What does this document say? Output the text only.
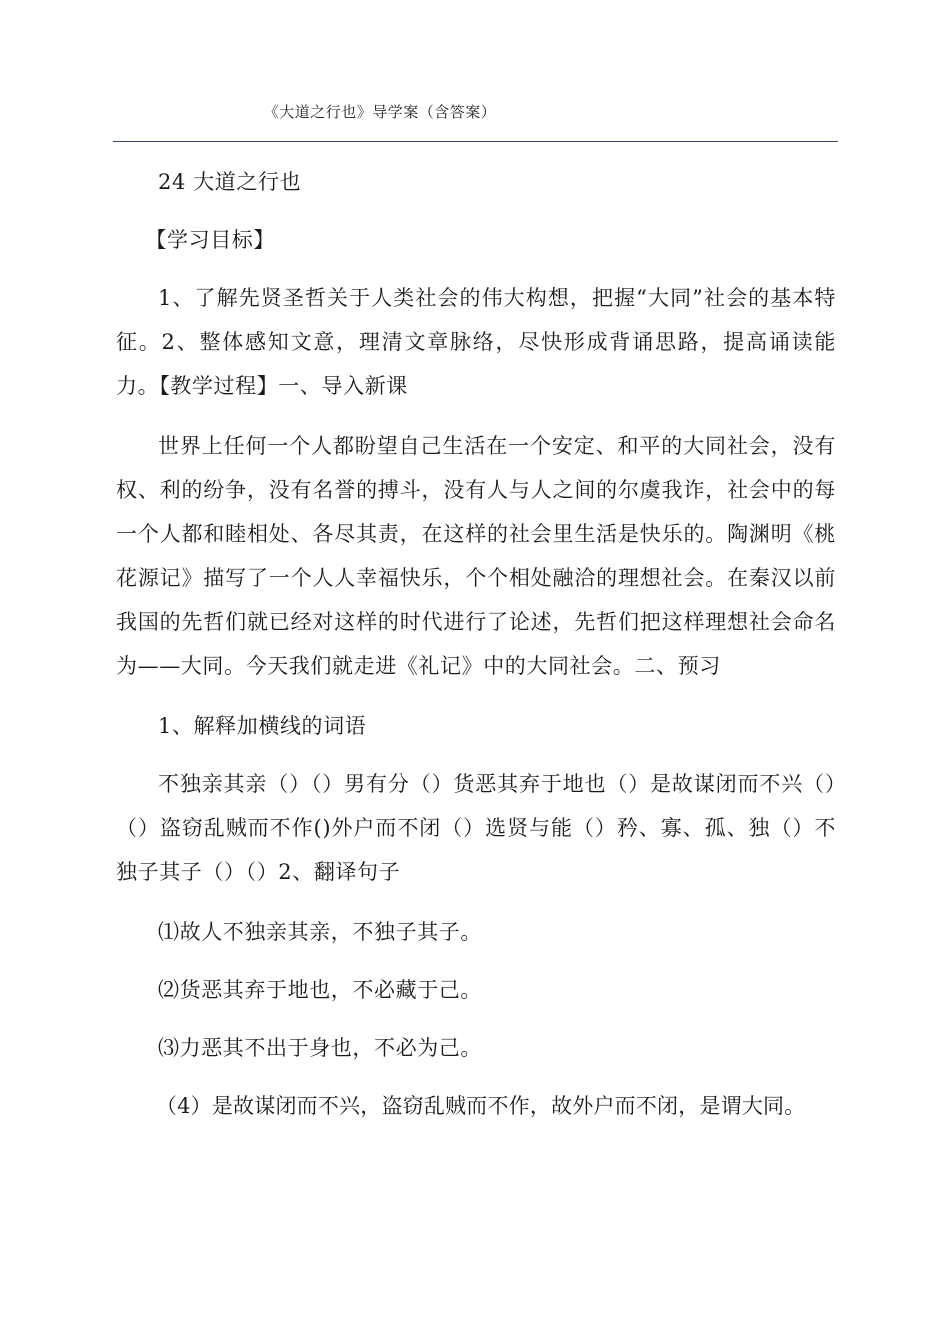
《大道之行也》导学案（含答案）

24 大道之行也

【学习目标】

1、了解先贤圣哲关于人类社会的伟大构想，把握“大同”社会的基本特征。2、整体感知文意，理清文章脉络，尽快形成背诵思路，提高诵读能力。【教学过程】一、导入新课

世界上任何一个人都盼望自己生活在一个安定、和平的大同社会，没有权、利的纷争，没有名誉的搏斗，没有人与人之间的尔虞我诈，社会中的每一个人都和睦相处、各尽其责，在这样的社会里生活是快乐的。陶渊明《桃花源记》描写了一个人人幸福快乐，个个相处融洽的理想社会。在秦汉以前我国的先哲们就已经对这样的时代进行了论述，先哲们把这样理想社会命名为——大同。今天我们就走进《礼记》中的大同社会。二、预习

1、解释加横线的词语

不独亲其亲（）（）男有分（）货恶其弃于地也（）是故谋闭而不兴（）（）盗窃乱贼而不作()外户而不闭（）选贤与能（）矜、寡、孤、独（）不独子其子（）（）2、翻译句子

⑴故人不独亲其亲，不独子其子。

⑵货恶其弃于地也，不必藏于己。

⑶力恶其不出于身也，不必为己。

（4）是故谋闭而不兴，盗窃乱贼而不作，故外户而不闭，是谓大同。
